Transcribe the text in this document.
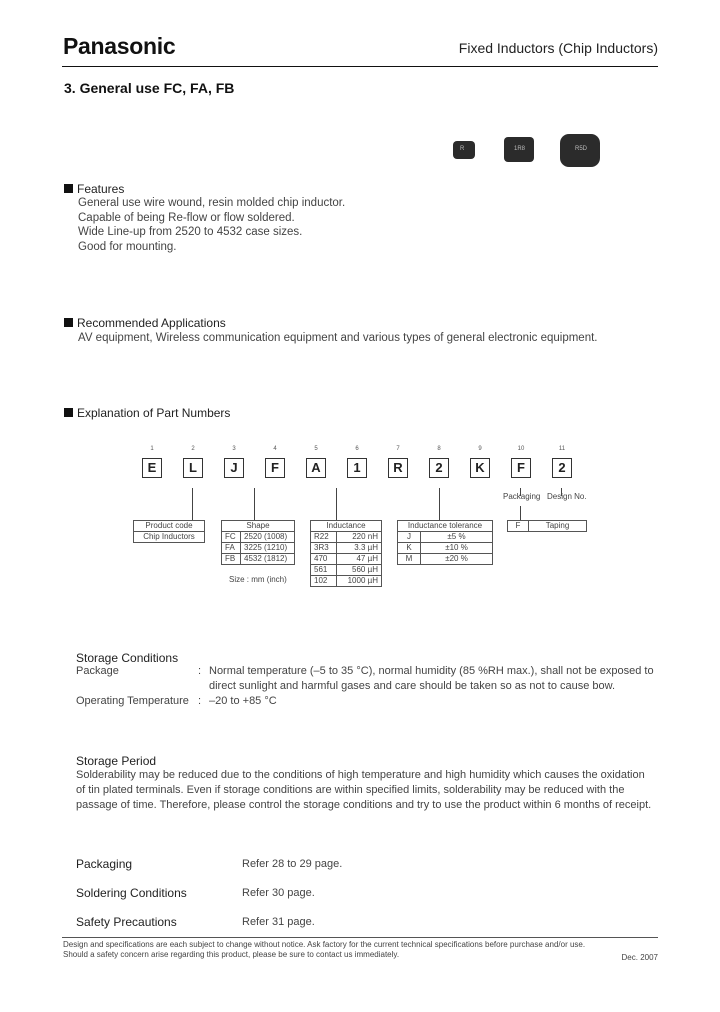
Panasonic	Fixed Inductors (Chip Inductors)
3. General use FC, FA, FB
R	1R8	R5D
Features
General use wire wound, resin molded chip inductor.
Capable of being Re-flow or flow soldered.
Wide Line-up from 2520 to 4532 case sizes.
Good for mounting.
Recommended Applications
AV equipment, Wireless communication equipment and various types of general electronic equipment.
Explanation of Part Numbers
1	2	3	4	5	6	7	8	9	10	11
E	L	J	F	A	1	R	2	K	F	2
Product code
Chip Inductors
Shape	
FC	2520 (1008)
FA	3225 (1210)
FB	4532 (1812)
Size : mm (inch)
Inductance	
R22	220 nH
3R3	3.3 µH
470	47 µH
561	560 µH
102	1000 µH
Inductance tolerance	
J	±5 %
K	±10 %
M	±20 %
Packaging Design No.
F	Taping
Storage Conditions
Package	: Normal temperature (–5 to 35 °C), normal humidity (85 %RH max.), shall not be exposed to
direct sunlight and harmful gases and care should be taken so as not to cause bow.
Operating Temperature : –20 to +85 °C
Storage Period
Solderability may be reduced due to the conditions of high temperature and high humidity which causes the oxidation
of tin plated terminals. Even if storage conditions are within specified limits, solderability may be reduced with the
passage of time. Therefore, please control the storage conditions and try to use the product within 6 months of receipt.
Packaging	Refer 28 to 29 page.
Soldering Conditions	Refer 30 page.
Safety Precautions	Refer 31 page.
Design and specifications are each subject to change without notice. Ask factory for the current technical specifications before purchase and/or use.
Should a safety concern arise regarding this product, please be sure to contact us immediately.	Dec. 2007
